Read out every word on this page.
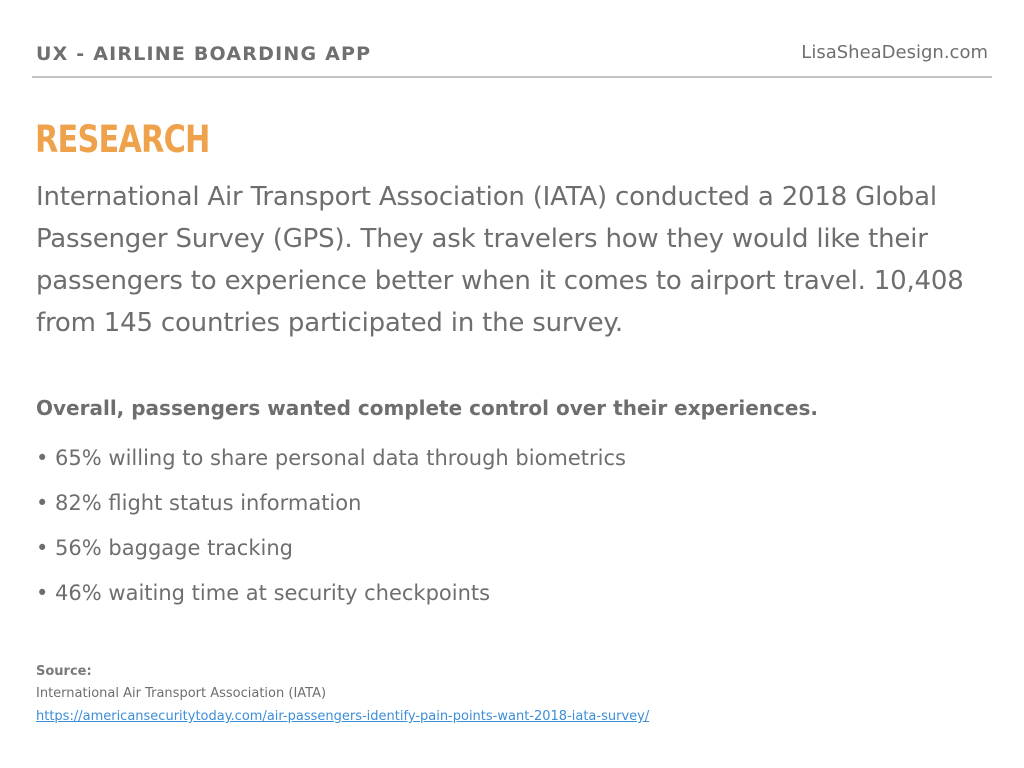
UX - AIRLINE BOARDING APP	LisaSheaDesign.com
RESEARCH
International Air Transport Association (IATA) conducted a 2018 Global Passenger Survey (GPS). They ask travelers how they would like their passengers to experience better when it comes to airport travel. 10,408 from 145 countries participated in the survey.
Overall, passengers wanted complete control over their experiences.
• 65% willing to share personal data through biometrics
• 82% flight status information
• 56% baggage tracking
• 46% waiting time at security checkpoints
Source:
International Air Transport Association (IATA)
https://americansecuritytoday.com/air-passengers-identify-pain-points-want-2018-iata-survey/
